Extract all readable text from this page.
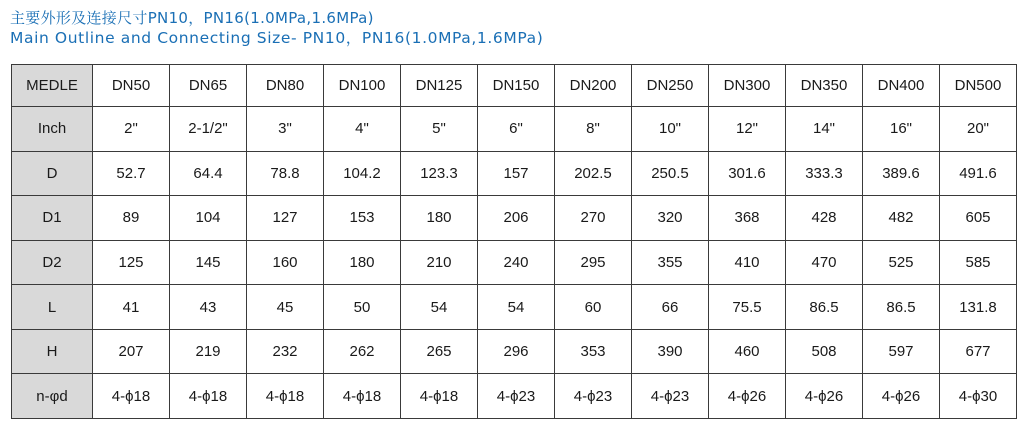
主要外形及连接尺寸PN10，PN16(1.0MPa,1.6MPa)
Main Outline and Connecting Size- PN10，PN16(1.0MPa,1.6MPa)
MEDLE	DN50	DN65	DN80	DN100	DN125	DN150	DN200	DN250	DN300	DN350	DN400	DN500
Inch	2"	2-1/2"	3"	4"	5"	6"	8"	10"	12"	14"	16"	20"
D	52.7	64.4	78.8	104.2	123.3	157	202.5	250.5	301.6	333.3	389.6	491.6
D1	89	104	127	153	180	206	270	320	368	428	482	605
D2	125	145	160	180	210	240	295	355	410	470	525	585
L	41	43	45	50	54	54	60	66	75.5	86.5	86.5	131.8
H	207	219	232	262	265	296	353	390	460	508	597	677
n-φd	4-ϕ18	4-ϕ18	4-ϕ18	4-ϕ18	4-ϕ18	4-ϕ23	4-ϕ23	4-ϕ23	4-ϕ26	4-ϕ26	4-ϕ26	4-ϕ30
